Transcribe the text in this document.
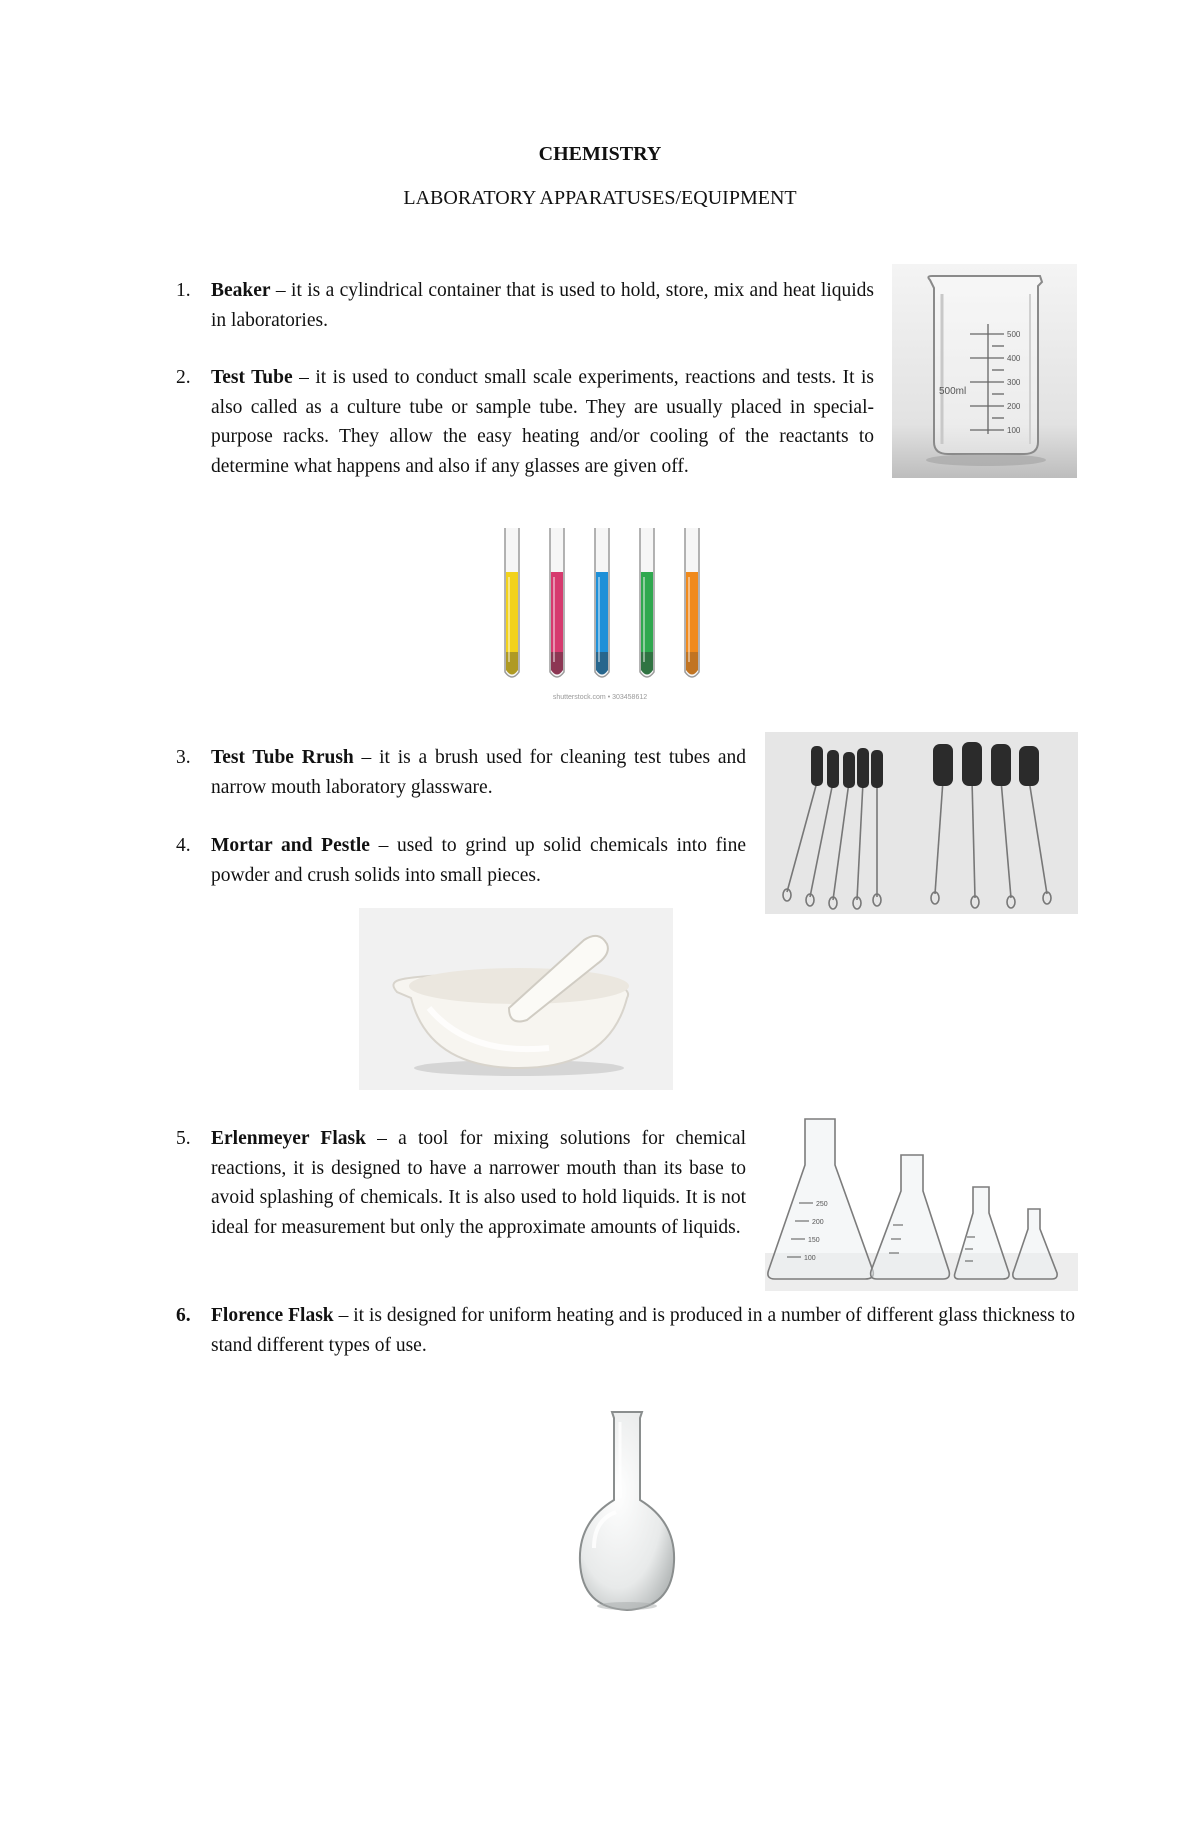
CHEMISTRY
LABORATORY APPARATUSES/EQUIPMENT
1. Beaker – it is a cylindrical container that is used to hold, store, mix and heat liquids in laboratories.
2. Test Tube – it is used to conduct small scale experiments, reactions and tests. It is also called as a culture tube or sample tube. They are usually placed in special-purpose racks. They allow the easy heating and/or cooling of the reactants to determine what happens and also if any glasses are given off.
500
400
300
200
100
500ml
shutterstock.com • 303458612
3. Test Tube Rrush – it is a brush used for cleaning test tubes and narrow mouth laboratory glassware.
4. Mortar and Pestle – used to grind up solid chemicals into fine powder and crush solids into small pieces.
5. Erlenmeyer Flask – a tool for mixing solutions for chemical reactions, it is designed to have a narrower mouth than its base to avoid splashing of chemicals. It is also used to hold liquids. It is not ideal for measurement but only the approximate amounts of liquids.
250
200
150
100
6. Florence Flask – it is designed for uniform heating and is produced in a number of different glass thickness to stand different types of use.
